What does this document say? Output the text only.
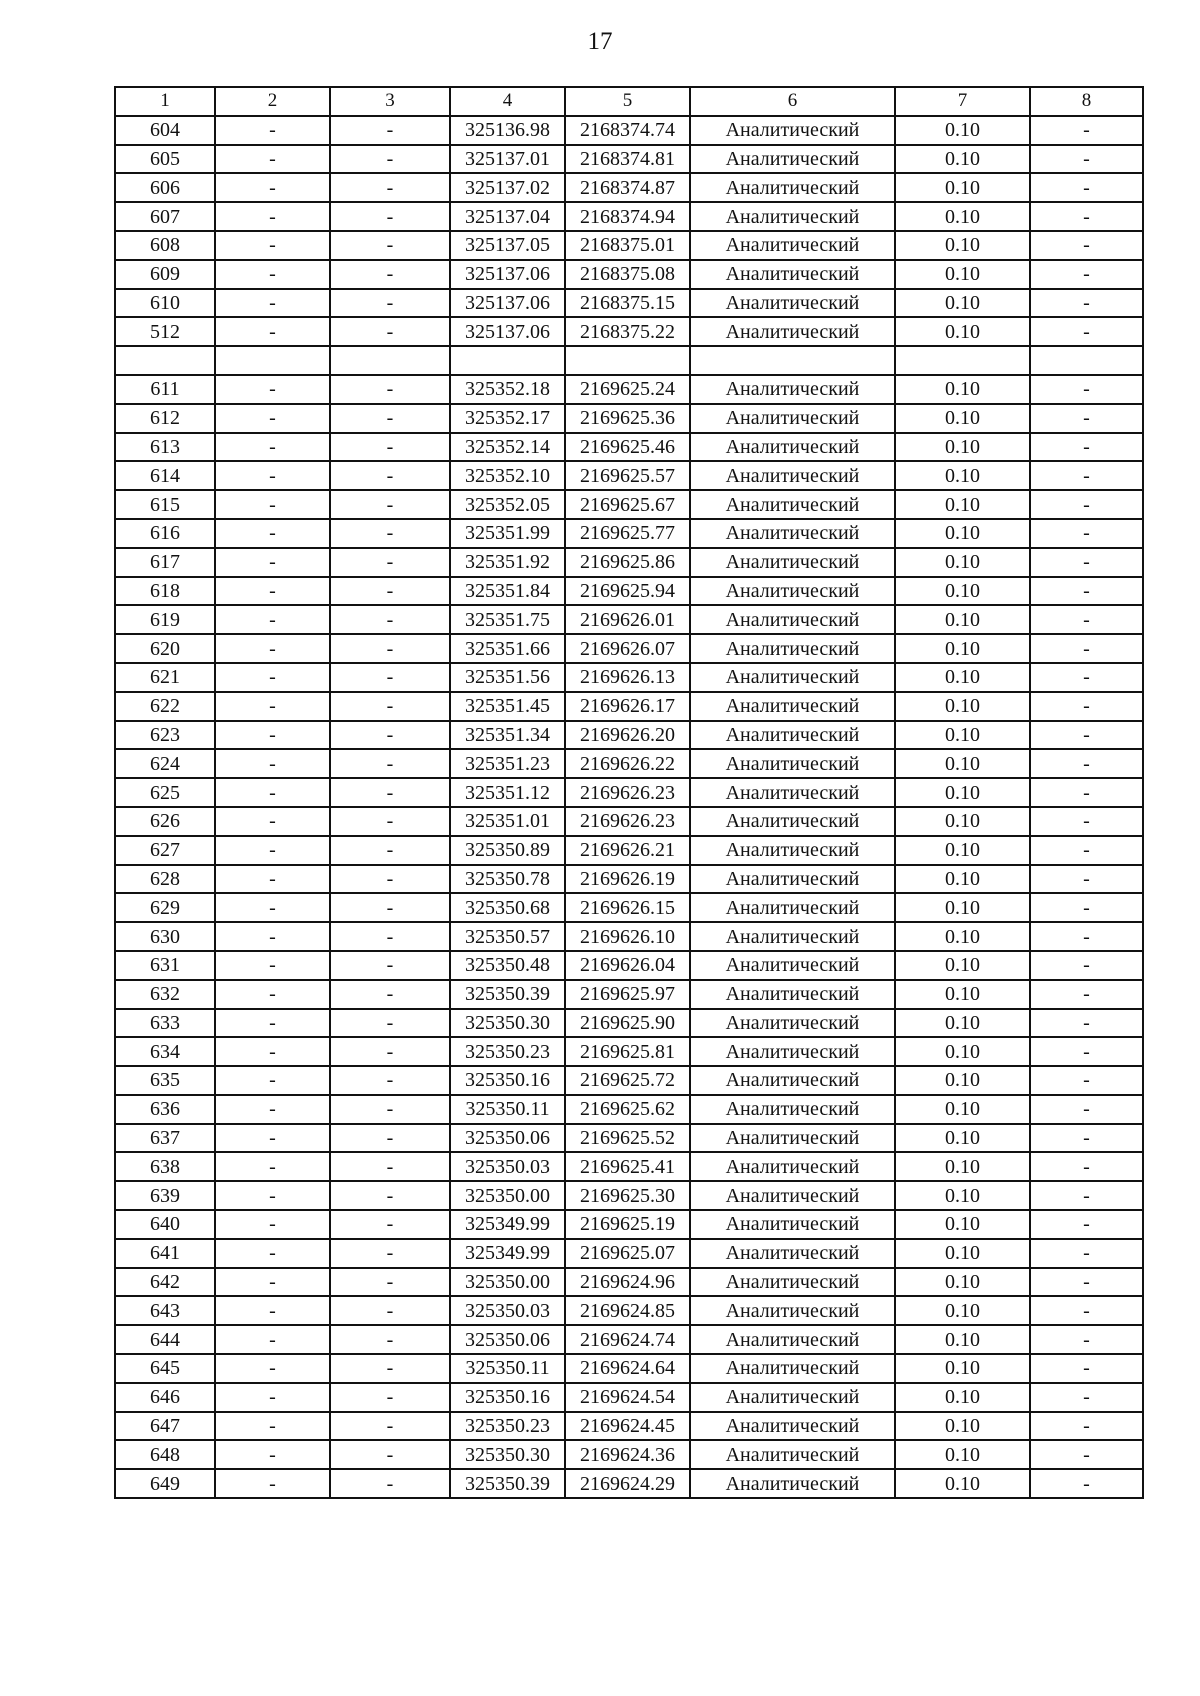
17
1	2	3	4	5	6	7	8
604	-	-	325136.98	2168374.74	Аналитический	0.10	-
605	-	-	325137.01	2168374.81	Аналитический	0.10	-
606	-	-	325137.02	2168374.87	Аналитический	0.10	-
607	-	-	325137.04	2168374.94	Аналитический	0.10	-
608	-	-	325137.05	2168375.01	Аналитический	0.10	-
609	-	-	325137.06	2168375.08	Аналитический	0.10	-
610	-	-	325137.06	2168375.15	Аналитический	0.10	-
512	-	-	325137.06	2168375.22	Аналитический	0.10	-

611	-	-	325352.18	2169625.24	Аналитический	0.10	-
612	-	-	325352.17	2169625.36	Аналитический	0.10	-
613	-	-	325352.14	2169625.46	Аналитический	0.10	-
614	-	-	325352.10	2169625.57	Аналитический	0.10	-
615	-	-	325352.05	2169625.67	Аналитический	0.10	-
616	-	-	325351.99	2169625.77	Аналитический	0.10	-
617	-	-	325351.92	2169625.86	Аналитический	0.10	-
618	-	-	325351.84	2169625.94	Аналитический	0.10	-
619	-	-	325351.75	2169626.01	Аналитический	0.10	-
620	-	-	325351.66	2169626.07	Аналитический	0.10	-
621	-	-	325351.56	2169626.13	Аналитический	0.10	-
622	-	-	325351.45	2169626.17	Аналитический	0.10	-
623	-	-	325351.34	2169626.20	Аналитический	0.10	-
624	-	-	325351.23	2169626.22	Аналитический	0.10	-
625	-	-	325351.12	2169626.23	Аналитический	0.10	-
626	-	-	325351.01	2169626.23	Аналитический	0.10	-
627	-	-	325350.89	2169626.21	Аналитический	0.10	-
628	-	-	325350.78	2169626.19	Аналитический	0.10	-
629	-	-	325350.68	2169626.15	Аналитический	0.10	-
630	-	-	325350.57	2169626.10	Аналитический	0.10	-
631	-	-	325350.48	2169626.04	Аналитический	0.10	-
632	-	-	325350.39	2169625.97	Аналитический	0.10	-
633	-	-	325350.30	2169625.90	Аналитический	0.10	-
634	-	-	325350.23	2169625.81	Аналитический	0.10	-
635	-	-	325350.16	2169625.72	Аналитический	0.10	-
636	-	-	325350.11	2169625.62	Аналитический	0.10	-
637	-	-	325350.06	2169625.52	Аналитический	0.10	-
638	-	-	325350.03	2169625.41	Аналитический	0.10	-
639	-	-	325350.00	2169625.30	Аналитический	0.10	-
640	-	-	325349.99	2169625.19	Аналитический	0.10	-
641	-	-	325349.99	2169625.07	Аналитический	0.10	-
642	-	-	325350.00	2169624.96	Аналитический	0.10	-
643	-	-	325350.03	2169624.85	Аналитический	0.10	-
644	-	-	325350.06	2169624.74	Аналитический	0.10	-
645	-	-	325350.11	2169624.64	Аналитический	0.10	-
646	-	-	325350.16	2169624.54	Аналитический	0.10	-
647	-	-	325350.23	2169624.45	Аналитический	0.10	-
648	-	-	325350.30	2169624.36	Аналитический	0.10	-
649	-	-	325350.39	2169624.29	Аналитический	0.10	-
